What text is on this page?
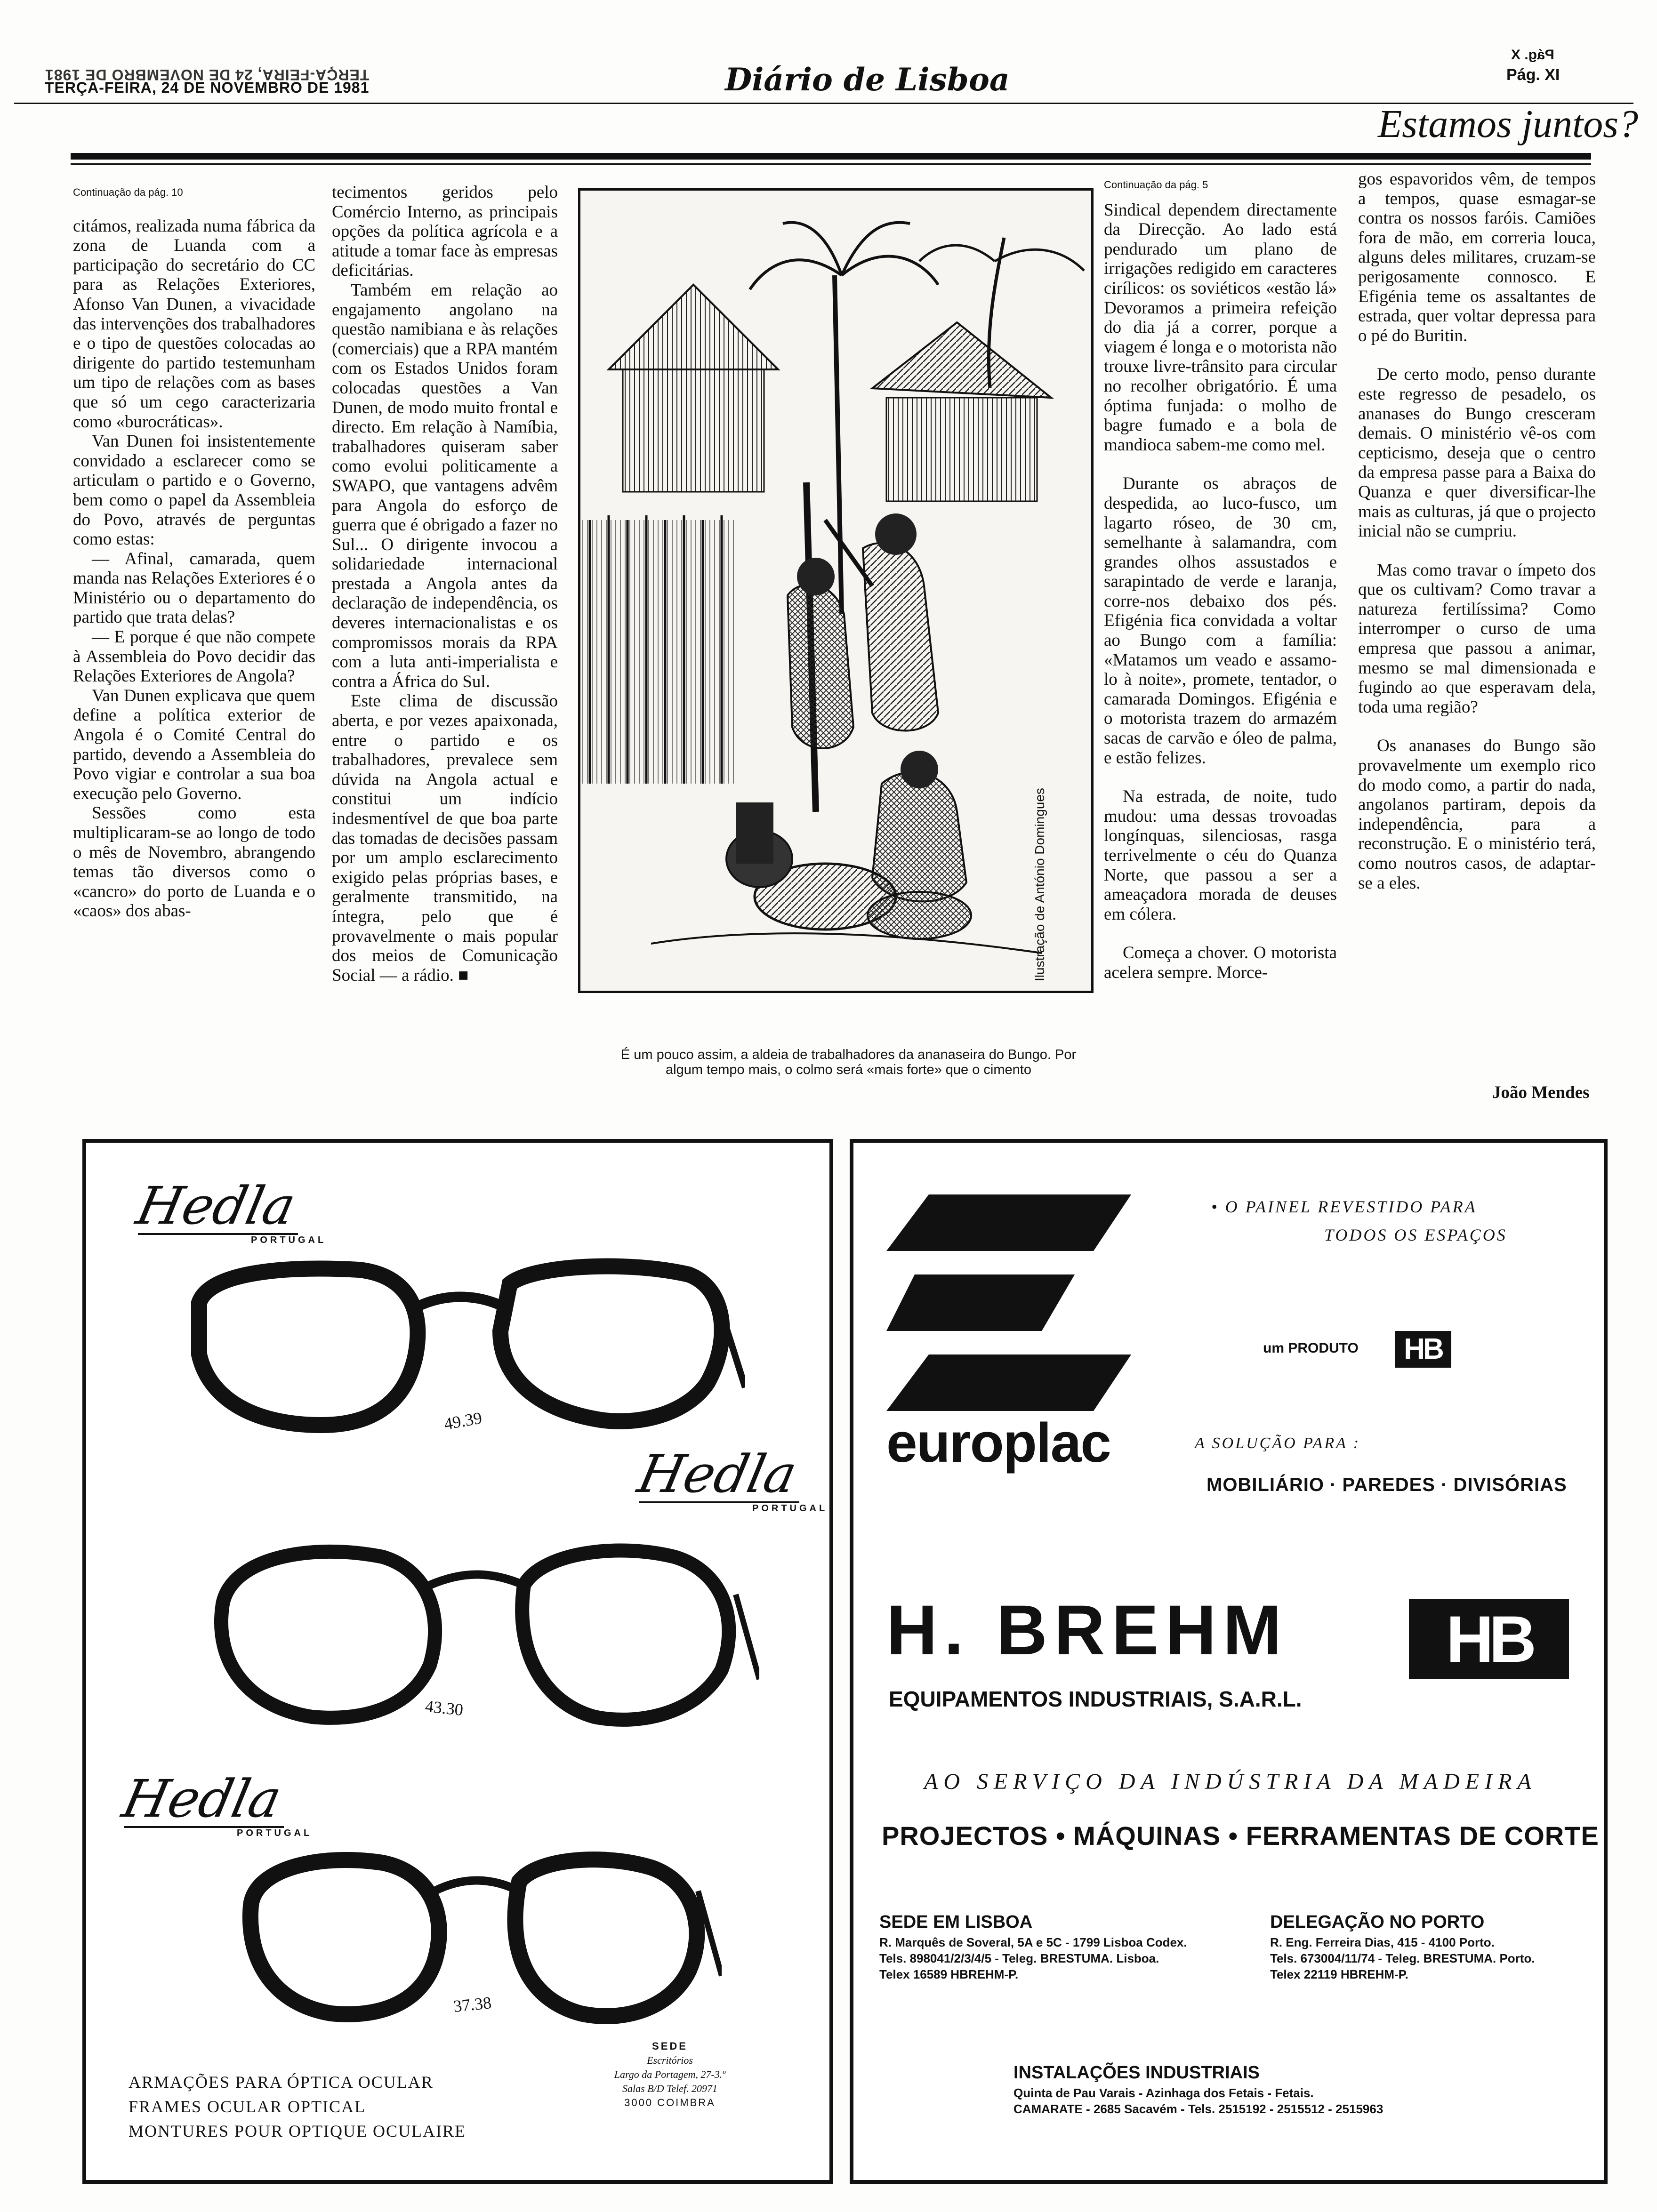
TERÇA-FEIRA, 24 DE NOVEMBRO DE 1981
TERÇA-FEIRA, 24 DE NOVEMBRO DE 1981	Diário de Lisboa
Pág. X
Pág. XI
Estamos juntos?
Continuação da pág. 10

citámos, realizada numa fábrica da zona de Luanda com a participação do secretário do CC para as Relações Exteriores, Afonso Van Dunen, a vivacidade das intervenções dos trabalhadores e o tipo de questões colocadas ao dirigente do partido testemunham um tipo de relações com as bases que só um cego caracterizaria como «burocráticas».

Van Dunen foi insistentemente convidado a esclarecer como se articulam o partido e o Governo, bem como o papel da Assembleia do Povo, através de perguntas como estas:

— Afinal, camarada, quem manda nas Relações Exteriores é o Ministério ou o departamento do partido que trata delas?

— E porque é que não compete à Assembleia do Povo decidir das Relações Exteriores de Angola?

Van Dunen explicava que quem define a política exterior de Angola é o Comité Central do partido, devendo a Assembleia do Povo vigiar e controlar a sua boa execução pelo Governo.

Sessões como esta multiplicaram-se ao longo de todo o mês de Novembro, abrangendo temas tão diversos como o «cancro» do porto de Luanda e o «caos» dos abas-

tecimentos geridos pelo Comércio Interno, as principais opções da política agrícola e a atitude a tomar face às empresas deficitárias.

Também em relação ao engajamento angolano na questão namibiana e às relações (comerciais) que a RPA mantém com os Estados Unidos foram colocadas questões a Van Dunen, de modo muito frontal e directo. Em relação à Namíbia, trabalhadores quiseram saber como evolui politicamente a SWAPO, que vantagens advêm para Angola do esforço de guerra que é obrigado a fazer no Sul... O dirigente invocou a solidariedade internacional prestada a Angola antes da declaração de independência, os deveres internacionalistas e os compromissos morais da RPA com a luta anti-imperialista e contra a África do Sul.

Este clima de discussão aberta, e por vezes apaixonada, entre o partido e os trabalhadores, prevalece sem dúvida na Angola actual e constitui um indício indesmentível de que boa parte das tomadas de decisões passam por um amplo esclarecimento exigido pelas próprias bases, e geralmente transmitido, na íntegra, pelo que é provavelmente o mais popular dos meios de Comunicação Social — a rádio. ■	Ilustração de António Domingues
É um pouco assim, a aldeia de trabalhadores da ananaseira do Bungo. Por algum tempo mais, o colmo será «mais forte» que o cimento
Continuação da pág. 5

Sindical dependem directamente da Direcção. Ao lado está pendurado um plano de irrigações redigido em caracteres cirílicos: os soviéticos «estão lá» Devoramos a primeira refeição do dia já a correr, porque a viagem é longa e o motorista não trouxe livre-trânsito para circular no recolher obrigatório. É uma óptima funjada: o molho de bagre fumado e a bola de mandioca sabem-me como mel.

Durante os abraços de despedida, ao luco-fusco, um lagarto róseo, de 30 cm, semelhante à salamandra, com grandes olhos assustados e sarapintado de verde e laranja, corre-nos debaixo dos pés. Efigénia fica convidada a voltar ao Bungo com a família: «Matamos um veado e assamo-lo à noite», promete, tentador, o camarada Domingos. Efigénia e o motorista trazem do armazém sacas de carvão e óleo de palma, e estão felizes.

Na estrada, de noite, tudo mudou: uma dessas trovoadas longínquas, silenciosas, rasga terrivelmente o céu do Quanza Norte, que passou a ser a ameaçadora morada de deuses em cólera.

Começa a chover. O motorista acelera sempre. Morce-

gos espavoridos vêm, de tempos a tempos, quase esmagar-se contra os nossos faróis. Camiões fora de mão, em correria louca, alguns deles militares, cruzam-se perigosamente connosco. E Efigénia teme os assaltantes de estrada, quer voltar depressa para o pé do Buritin.

De certo modo, penso durante este regresso de pesadelo, os ananases do Bungo cresceram demais. O ministério vê-os com cepticismo, deseja que o centro da empresa passe para a Baixa do Quanza e quer diversificar-lhe mais as culturas, já que o projecto inicial não se cumpriu.

Mas como travar o ímpeto dos que os cultivam? Como travar a natureza fertilíssima? Como interromper o curso de uma empresa que passou a animar, mesmo se mal dimensionada e fugindo ao que esperavam dela, toda uma região?

Os ananases do Bungo são provavelmente um exemplo rico do modo como, a partir do nada, angolanos partiram, depois da independência, para a reconstrução. E o ministério terá, como noutros casos, de adaptar-se a eles.

João Mendes
Hedla
PORTUGAL
Hedla
PORTUGAL
Hedla
PORTUGAL
49.39
43.30
37.38
ARMAÇÕES PARA ÓPTICA OCULAR
FRAMES OCULAR OPTICAL
MONTURES POUR OPTIQUE OCULAIRE
SEDE
Escritórios
Largo da Portagem, 27-3.º
Salas B/D Telef. 20971
3000 COIMBRA
europlac
• O PAINEL REVESTIDO PARA
TODOS OS ESPAÇOS
um PRODUTO	HB
A SOLUÇÃO PARA :
MOBILIÁRIO · PAREDES · DIVISÓRIAS
H. BREHM	HB
EQUIPAMENTOS INDUSTRIAIS, S.A.R.L.
AO SERVIÇO DA INDÚSTRIA DA MADEIRA
PROJECTOS • MÁQUINAS • FERRAMENTAS DE CORTE
SEDE EM LISBOA
R. Marquês de Soveral, 5A e 5C - 1799 Lisboa Codex.
Tels. 898041/2/3/4/5 - Teleg. BRESTUMA. Lisboa.
Telex 16589 HBREHM-P.
DELEGAÇÃO NO PORTO
R. Eng. Ferreira Dias, 415 - 4100 Porto.
Tels. 673004/11/74 - Teleg. BRESTUMA. Porto.
Telex 22119 HBREHM-P.
INSTALAÇÕES INDUSTRIAIS
Quinta de Pau Varais - Azinhaga dos Fetais - Fetais.
CAMARATE - 2685 Sacavém - Tels. 2515192 - 2515512 - 2515963
